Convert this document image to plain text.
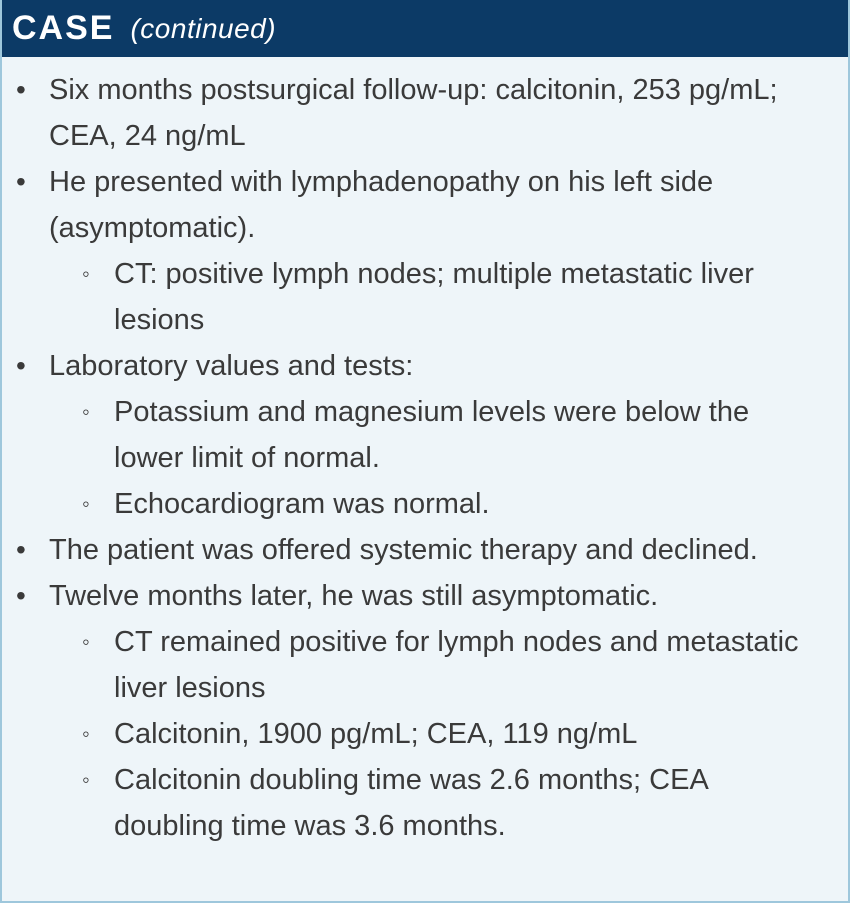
CASE (continued)
• Six months postsurgical follow-up: calcitonin, 253 pg/mL; CEA, 24 ng/mL
• He presented with lymphadenopathy on his left side (asymptomatic).
◦ CT: positive lymph nodes; multiple metastatic liver lesions
• Laboratory values and tests:
◦ Potassium and magnesium levels were below the lower limit of normal.
◦ Echocardiogram was normal.
• The patient was offered systemic therapy and declined.
• Twelve months later, he was still asymptomatic.
◦ CT remained positive for lymph nodes and metastatic liver lesions
◦ Calcitonin, 1900 pg/mL; CEA, 119 ng/mL
◦ Calcitonin doubling time was 2.6 months; CEA doubling time was 3.6 months.
